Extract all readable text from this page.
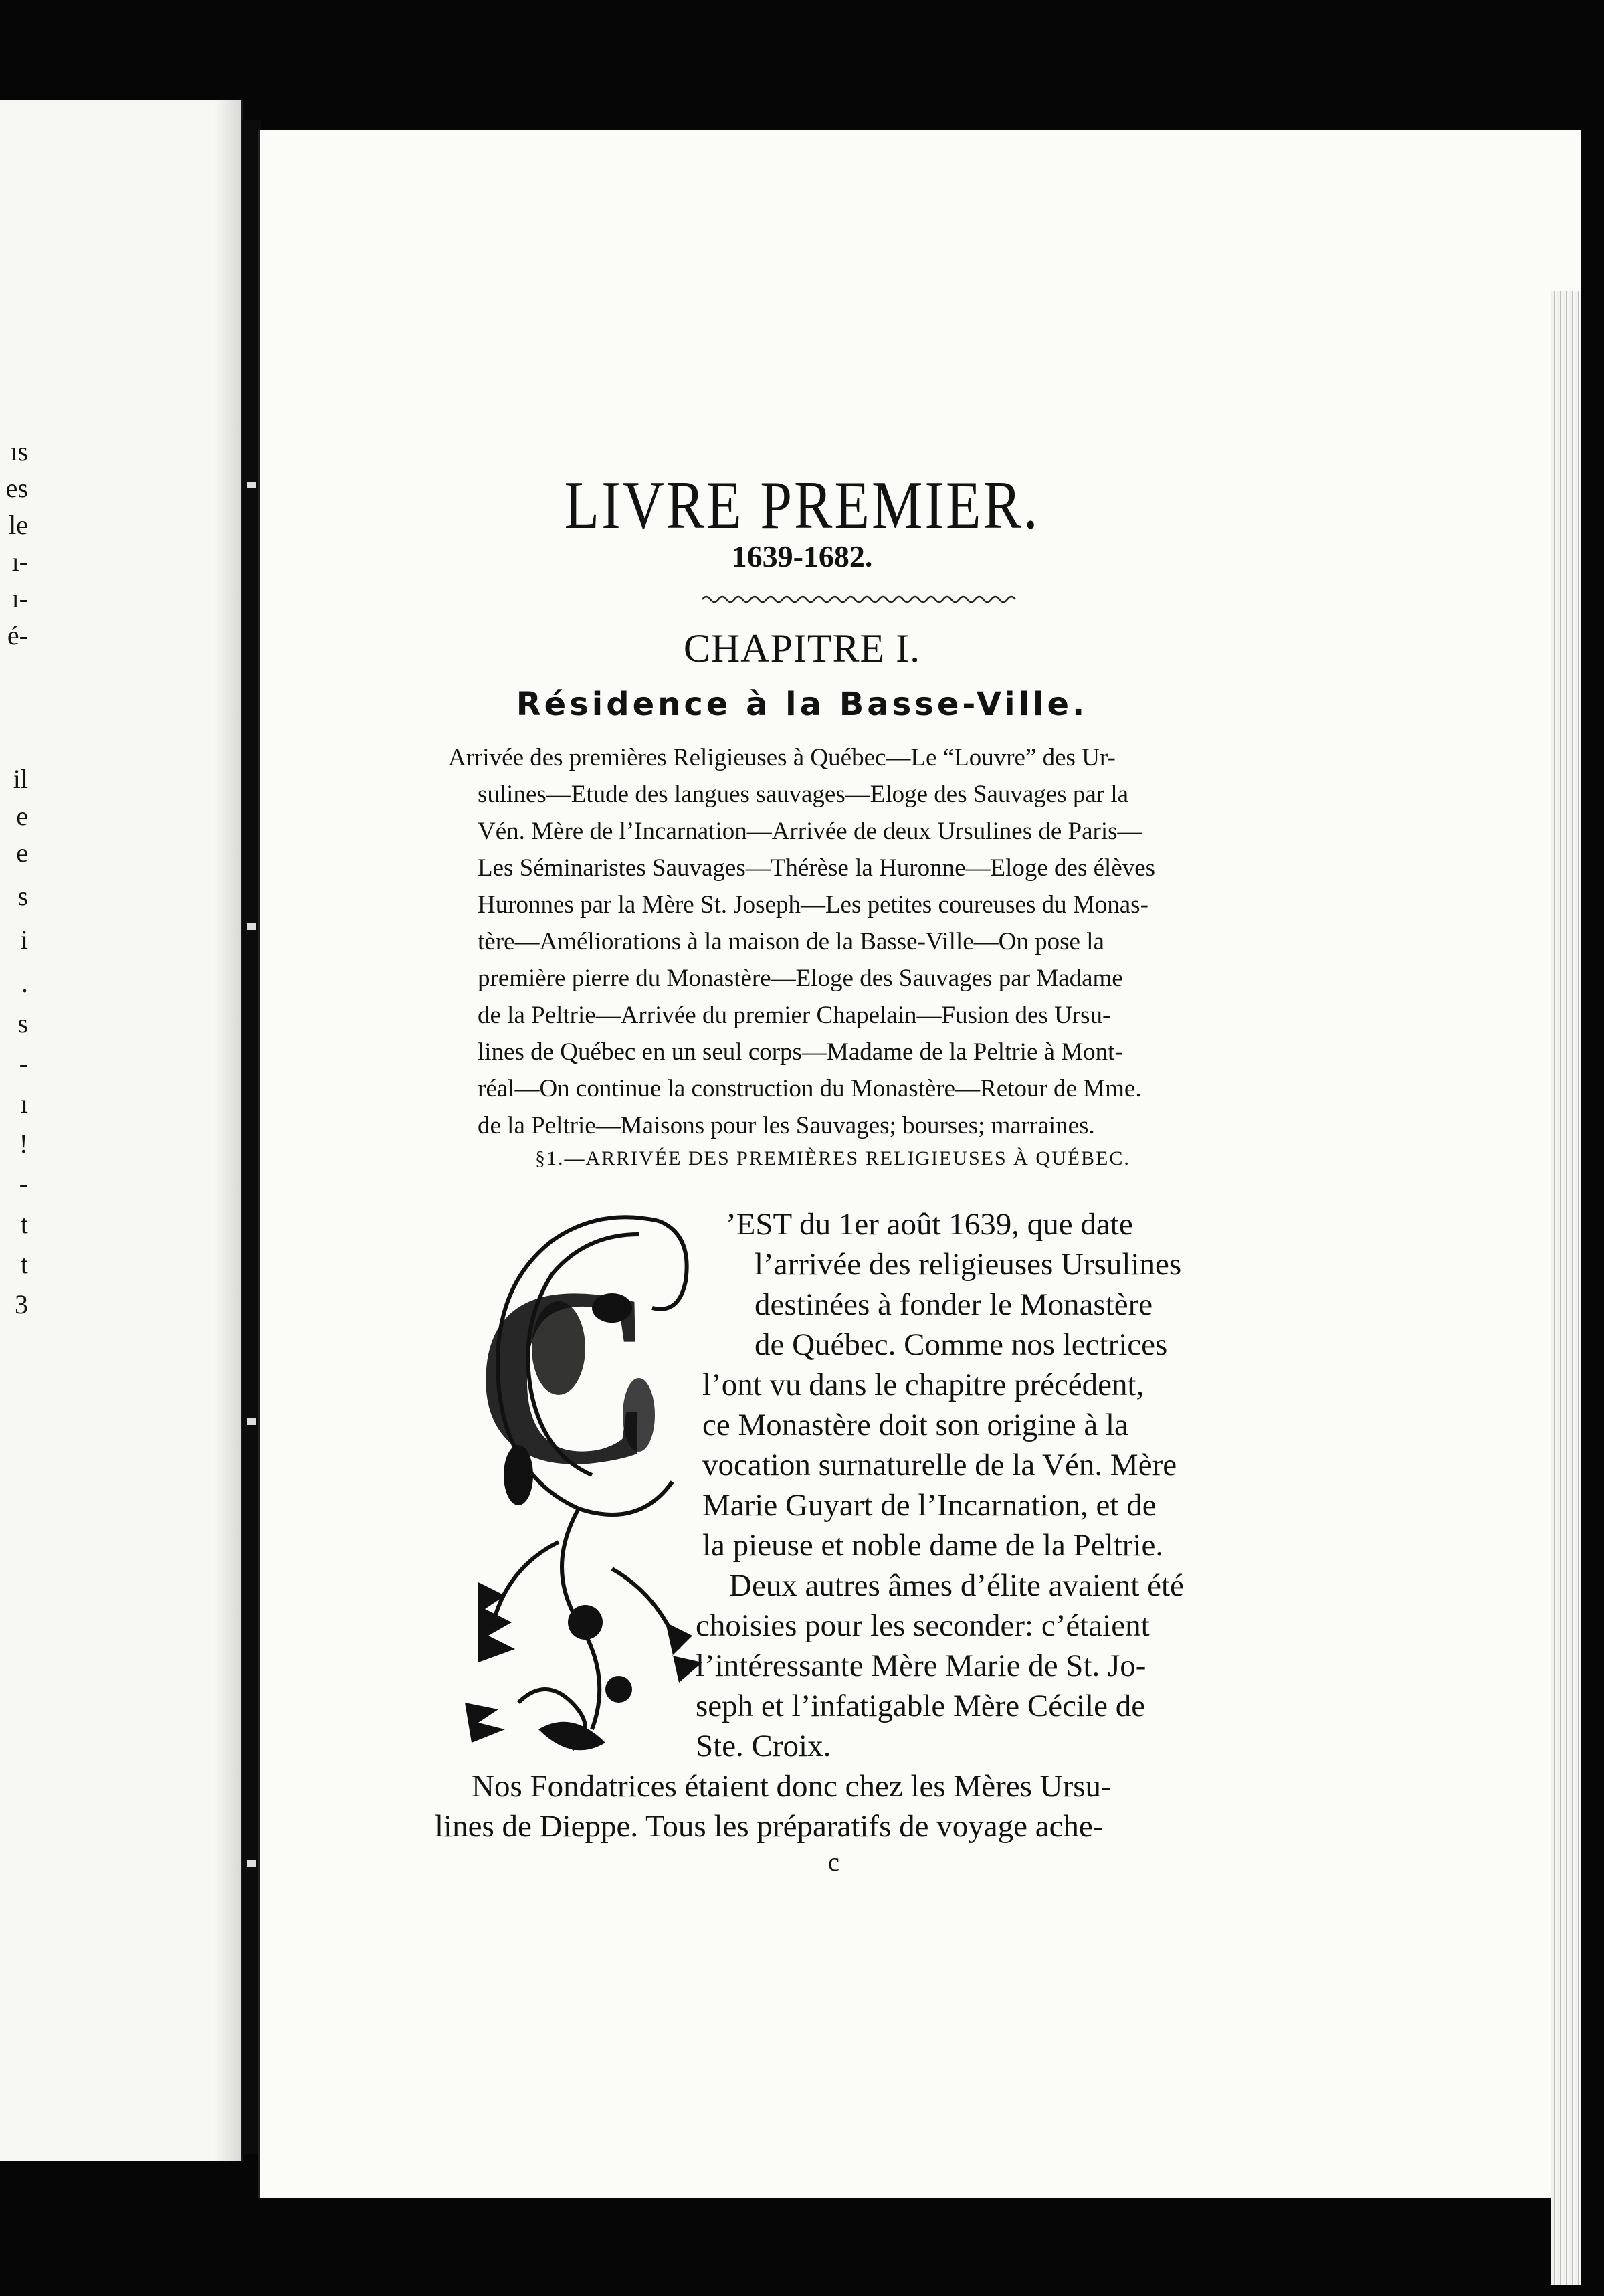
ıs
es
le
ı-
ı-
é-
il
e
e
s
i
.
s
-
ı
!
-
t
t
3
LIVRE PREMIER.
1639-1682.
CHAPITRE I.
Résidence à la Basse-Ville.
Arrivée des premières Religieuses à Québec—Le “Louvre” des Ur-
sulines—Etude des langues sauvages—Eloge des Sauvages par la
Vén. Mère de l’Incarnation—Arrivée de deux Ursulines de Paris—
Les Séminaristes Sauvages—Thérèse la Huronne—Eloge des élèves
Huronnes par la Mère St. Joseph—Les petites coureuses du Monas-
tère—Améliorations à la maison de la Basse-Ville—On pose la
première pierre du Monastère—Eloge des Sauvages par Madame
de la Peltrie—Arrivée du premier Chapelain—Fusion des Ursu-
lines de Québec en un seul corps—Madame de la Peltrie à Mont-
réal—On continue la construction du Monastère—Retour de Mme.
de la Peltrie—Maisons pour les Sauvages; bourses; marraines.
§1.—ARRIVÉE DES PREMIÈRES RELIGIEUSES À QUÉBEC.
C
’EST du 1er août 1639, que date
l’arrivée des religieuses Ursulines
destinées à fonder le Monastère
de Québec. Comme nos lectrices
l’ont vu dans le chapitre précédent,
ce Monastère doit son origine à la
vocation surnaturelle de la Vén. Mère
Marie Guyart de l’Incarnation, et de
la pieuse et noble dame de la Peltrie.
Deux autres âmes d’élite avaient été
choisies pour les seconder: c’étaient
l’intéressante Mère Marie de St. Jo-
seph et l’infatigable Mère Cécile de
Ste. Croix.
Nos Fondatrices étaient donc chez les Mères Ursu-
lines de Dieppe. Tous les préparatifs de voyage ache-
c
